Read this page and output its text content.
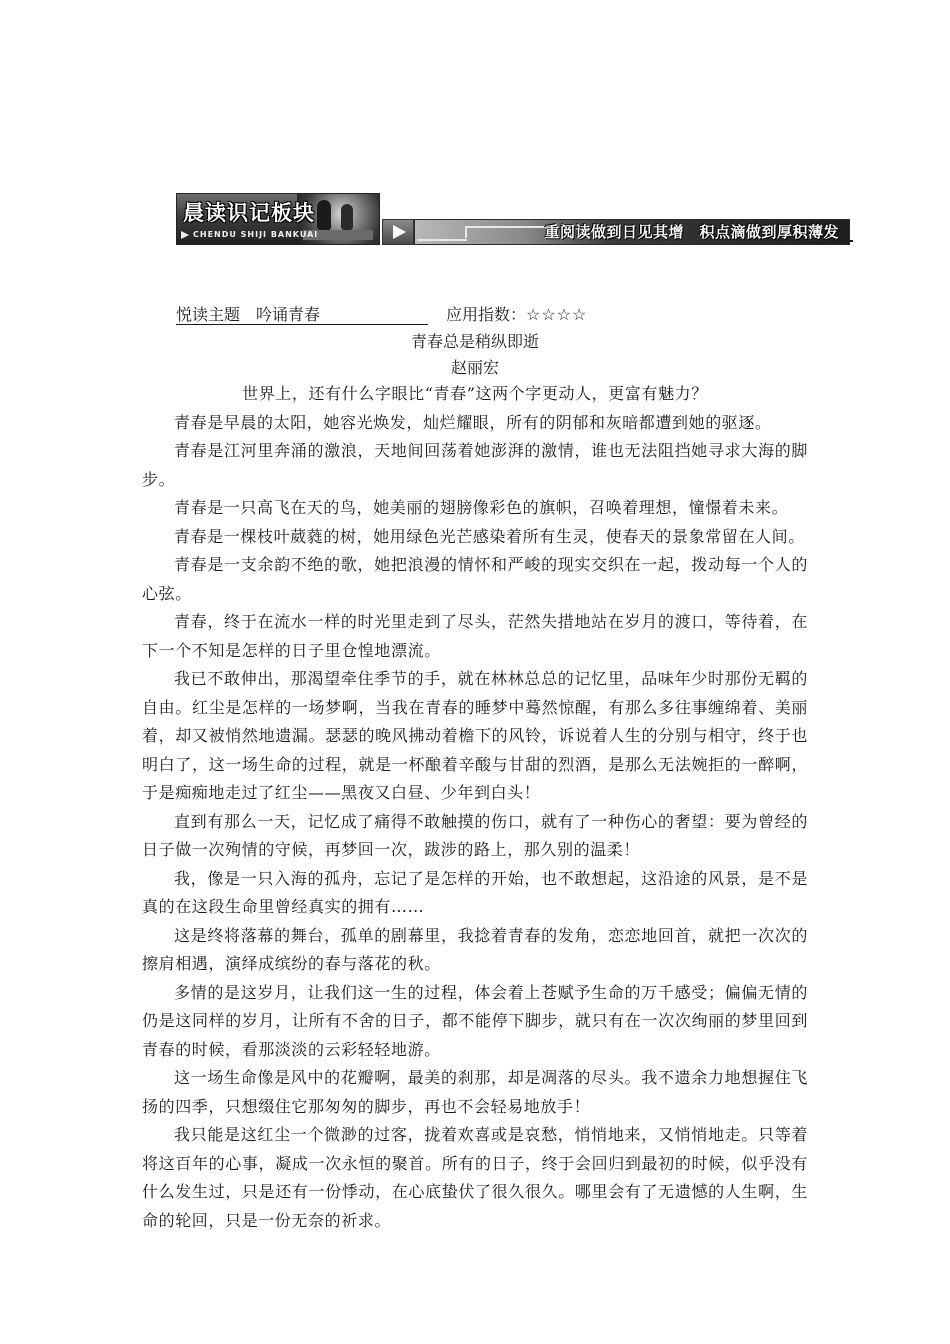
晨读识记板块
CHENDU SHIJI BANKUAI	重阅读做到日见其增　积点滴做到厚积薄发
悦读主题　 吟诵青春	应用指数：☆☆☆☆
青春总是稍纵即逝
赵丽宏

世界上，还有什么字眼比“青春”这两个字更动人，更富有魅力？

青春是早晨的太阳，她容光焕发，灿烂耀眼，所有的阴郁和灰暗都遭到她的驱逐。

青春是江河里奔涌的激浪，天地间回荡着她澎湃的激情，谁也无法阻挡她寻求大海的脚步。

青春是一只高飞在天的鸟，她美丽的翅膀像彩色的旗帜，召唤着理想，憧憬着未来。

青春是一棵枝叶葳蕤的树，她用绿色光芒感染着所有生灵，使春天的景象常留在人间。

青春是一支余韵不绝的歌，她把浪漫的情怀和严峻的现实交织在一起，拨动每一个人的心弦。

青春，终于在流水一样的时光里走到了尽头，茫然失措地站在岁月的渡口，等待着，在下一个不知是怎样的日子里仓惶地漂流。

我已不敢伸出，那渴望牵住季节的手，就在林林总总的记忆里，品味年少时那份无羁的自由。红尘是怎样的一场梦啊，当我在青春的睡梦中蓦然惊醒，有那么多往事缠绵着、美丽着，却又被悄然地遗漏。瑟瑟的晚风拂动着檐下的风铃，诉说着人生的分别与相守，终于也明白了，这一场生命的过程，就是一杯酿着辛酸与甘甜的烈酒，是那么无法婉拒的一醉啊，于是痴痴地走过了红尘——黑夜又白昼、少年到白头！

直到有那么一天，记忆成了痛得不敢触摸的伤口，就有了一种伤心的奢望：要为曾经的日子做一次殉情的守候，再梦回一次，跋涉的路上，那久别的温柔！

我，像是一只入海的孤舟，忘记了是怎样的开始，也不敢想起，这沿途的风景，是不是真的在这段生命里曾经真实的拥有……

这是终将落幕的舞台，孤单的剧幕里，我捻着青春的发角，恋恋地回首，就把一次次的擦肩相遇，演绎成缤纷的春与落花的秋。

多情的是这岁月，让我们这一生的过程，体会着上苍赋予生命的万千感受；偏偏无情的仍是这同样的岁月，让所有不舍的日子，都不能停下脚步，就只有在一次次绚丽的梦里回到青春的时候，看那淡淡的云彩轻轻地游。

这一场生命像是风中的花瓣啊，最美的刹那，却是凋落的尽头。我不遗余力地想握住飞扬的四季，只想缀住它那匆匆的脚步，再也不会轻易地放手！

我只能是这红尘一个微渺的过客，拢着欢喜或是哀愁，悄悄地来，又悄悄地走。只等着将这百年的心事，凝成一次永恒的聚首。所有的日子，终于会回归到最初的时候，似乎没有什么发生过，只是还有一份悸动，在心底蛰伏了很久很久。哪里会有了无遗憾的人生啊，生命的轮回，只是一份无奈的祈求。
